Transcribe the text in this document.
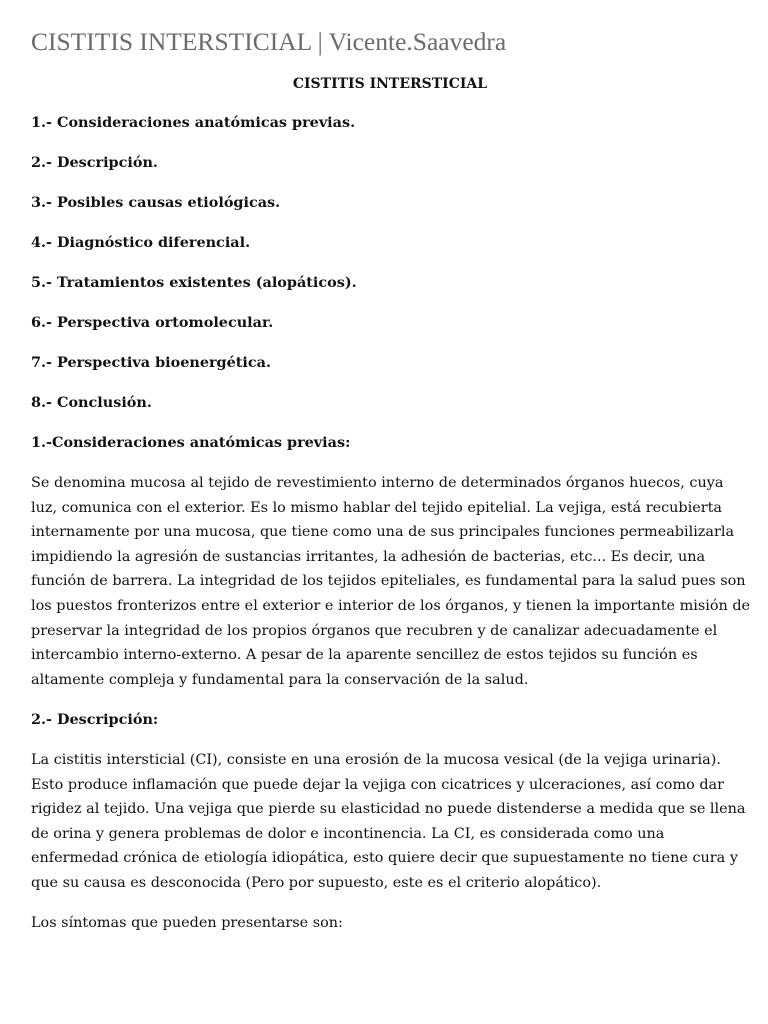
CISTITIS INTERSTICIAL | Vicente.Saavedra
CISTITIS INTERSTICIAL
1.- Consideraciones anatómicas previas.
2.- Descripción.
3.- Posibles causas etiológicas.
4.- Diagnóstico diferencial.
5.- Tratamientos existentes (alopáticos).
6.- Perspectiva ortomolecular.
7.- Perspectiva bioenergética.
8.- Conclusión.
1.-Consideraciones anatómicas previas:
Se denomina mucosa al tejido de revestimiento interno de determinados órganos huecos, cuya
luz, comunica con el exterior. Es lo mismo hablar del tejido epitelial. La vejiga, está recubierta
internamente por una mucosa, que tiene como una de sus principales funciones permeabilizarla
impidiendo la agresión de sustancias irritantes, la adhesión de bacterias, etc... Es decir, una
función de barrera. La integridad de los tejidos epiteliales, es fundamental para la salud pues son
los puestos fronterizos entre el exterior e interior de los órganos, y tienen la importante misión de
preservar la integridad de los propios órganos que recubren y de canalizar adecuadamente el
intercambio interno-externo. A pesar de la aparente sencillez de estos tejidos su función es
altamente compleja y fundamental para la conservación de la salud.
2.- Descripción:
La cistitis intersticial (CI), consiste en una erosión de la mucosa vesical (de la vejiga urinaria).
Esto produce inflamación que puede dejar la vejiga con cicatrices y ulceraciones, así como dar
rigidez al tejido. Una vejiga que pierde su elasticidad no puede distenderse a medida que se llena
de orina y genera problemas de dolor e incontinencia. La CI, es considerada como una
enfermedad crónica de etiología idiopática, esto quiere decir que supuestamente no tiene cura y
que su causa es desconocida (Pero por supuesto, este es el criterio alopático).
Los síntomas que pueden presentarse son:
